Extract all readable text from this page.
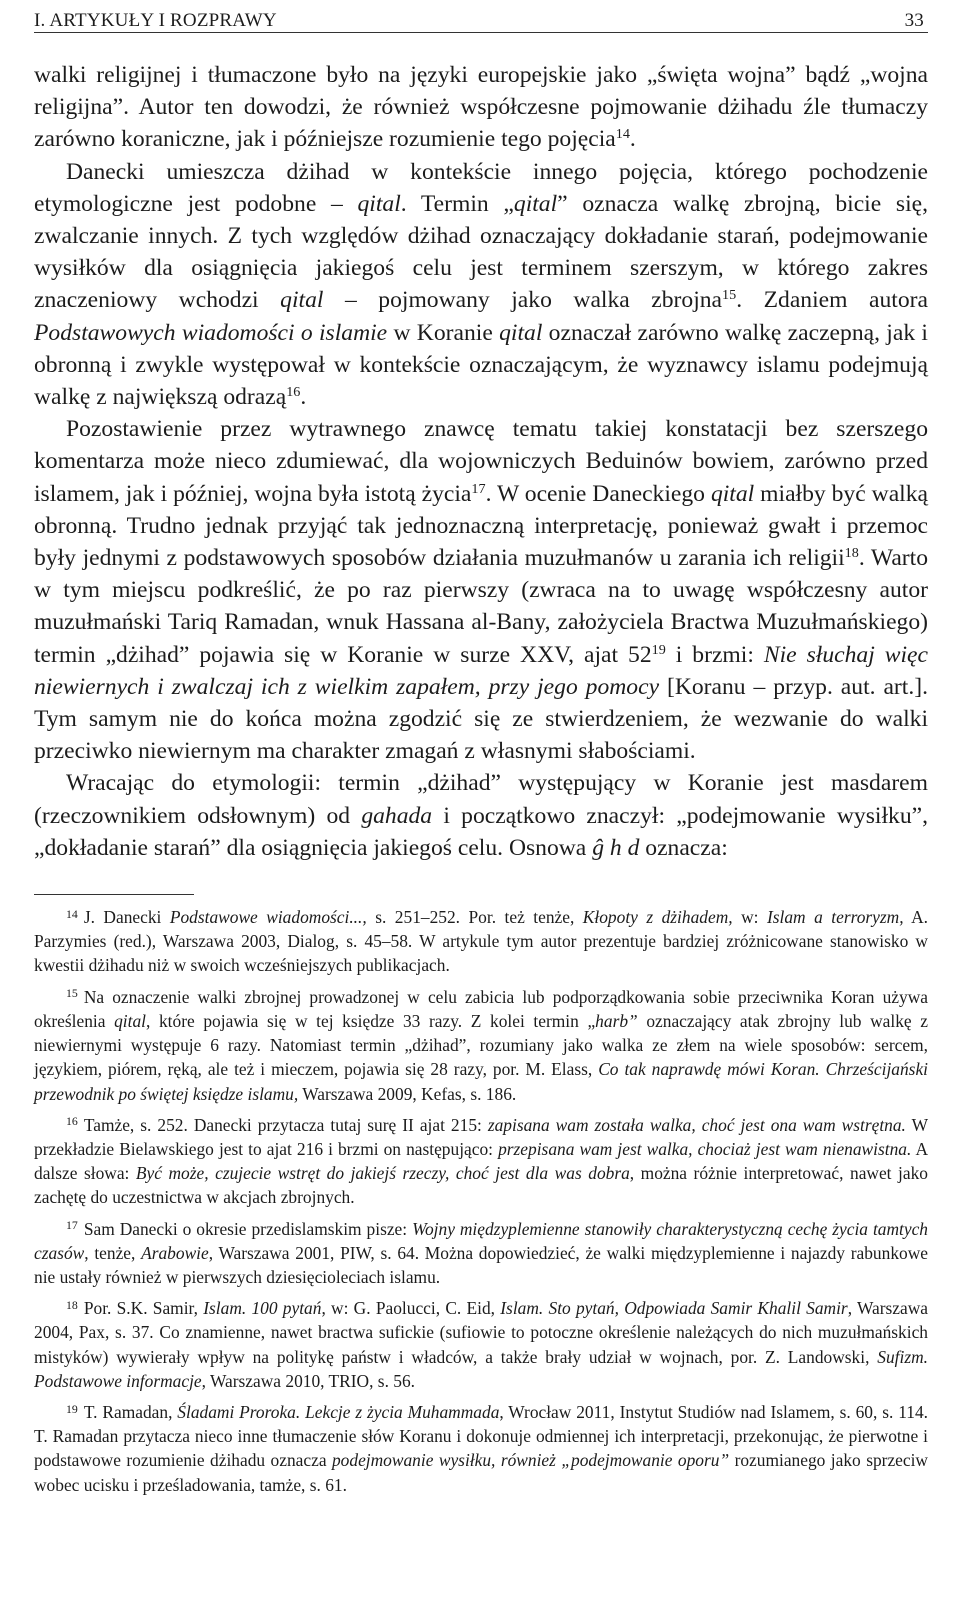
I. ARTYKUŁY I ROZPRAWY	33

walki religijnej i tłumaczone było na języki europejskie jako „święta wojna” bądź „wojna religijna”. Autor ten dowodzi, że również współczesne pojmowanie dżihadu źle tłumaczy zarówno koraniczne, jak i późniejsze rozumienie tego pojęcia$^{14}$.

Danecki umieszcza dżihad w kontekście innego pojęcia, którego pochodzenie etymologiczne jest podobne – qital. Termin „qital” oznacza walkę zbrojną, bicie się, zwalczanie innych. Z tych względów dżihad oznaczający dokładanie starań, podejmowanie wysiłków dla osiągnięcia jakiegoś celu jest terminem szerszym, w którego zakres znaczeniowy wchodzi qital – pojmowany jako walka zbrojna$^{15}$. Zdaniem autora Podstawowych wiadomości o islamie w Koranie qital oznaczał zarówno walkę zaczepną, jak i obronną i zwykle występował w kontekście oznaczającym, że wyznawcy islamu podejmują walkę z największą odrazą$^{16}$.

Pozostawienie przez wytrawnego znawcę tematu takiej konstatacji bez szerszego komentarza może nieco zdumiewać, dla wojowniczych Beduinów bowiem, zarówno przed islamem, jak i później, wojna była istotą życia$^{17}$. W ocenie Daneckiego qital miałby być walką obronną. Trudno jednak przyjąć tak jednoznaczną interpretację, ponieważ gwałt i przemoc były jednymi z podstawowych sposobów działania muzułmanów u zarania ich religii$^{18}$. Warto w tym miejscu podkreślić, że po raz pierwszy (zwraca na to uwagę współczesny autor muzułmański Tariq Ramadan, wnuk Hassana al-Bany, założyciela Bractwa Muzułmańskiego) termin „dżihad” pojawia się w Koranie w surze XXV, ajat $52^{19}$ i brzmi: Nie słuchaj więc niewiernych i zwalczaj ich z wielkim zapałem, przy jego pomocy [Koranu – przyp. aut. art.]. Tym samym nie do końca można zgodzić się ze stwierdzeniem, że wezwanie do walki przeciwko niewiernym ma charakter zmagań z własnymi słabościami.

Wracając do etymologii: termin „dżihad” występujący w Koranie jest masdarem (rzeczownikiem odsłownym) od gahada i początkowo znaczył: „podejmowanie wysiłku”, „dokładanie starań” dla osiągnięcia jakiegoś celu. Osnowa ĝ h d oznacza:

$^{14}$ J. Danecki Podstawowe wiadomości..., s. 251–252. Por. też tenże, Kłopoty z dżihadem, w: Islam a terroryzm, A. Parzymies (red.), Warszawa 2003, Dialog, s. 45–58. W artykule tym autor prezentuje bardziej zróżnicowane stanowisko w kwestii dżihadu niż w swoich wcześniejszych publikacjach.

$^{15}$ Na oznaczenie walki zbrojnej prowadzonej w celu zabicia lub podporządkowania sobie przeciwnika Koran używa określenia qital, które pojawia się w tej księdze 33 razy. Z kolei termin „harb” oznaczający atak zbrojny lub walkę z niewiernymi występuje 6 razy. Natomiast termin „dżihad”, rozumiany jako walka ze złem na wiele sposobów: sercem, językiem, piórem, ręką, ale też i mieczem, pojawia się 28 razy, por. M. Elass, Co tak naprawdę mówi Koran. Chrześcijański przewodnik po świętej księdze islamu, Warszawa 2009, Kefas, s. 186.

$^{16}$ Tamże, s. 252. Danecki przytacza tutaj surę II ajat 215: zapisana wam została walka, choć jest ona wam wstrętna. W przekładzie Bielawskiego jest to ajat 216 i brzmi on następująco: przepisana wam jest walka, chociaż jest wam nienawistna. A dalsze słowa: Być może, czujecie wstręt do jakiejś rzeczy, choć jest dla was dobra, można różnie interpretować, nawet jako zachętę do uczestnictwa w akcjach zbrojnych.

$^{17}$ Sam Danecki o okresie przedislamskim pisze: Wojny międzyplemienne stanowiły charakterystyczną cechę życia tamtych czasów, tenże, Arabowie, Warszawa 2001, PIW, s. 64. Można dopowiedzieć, że walki międzyplemienne i najazdy rabunkowe nie ustały również w pierwszych dziesięcioleciach islamu.

$^{18}$ Por. S.K. Samir, Islam. 100 pytań, w: G. Paolucci, C. Eid, Islam. Sto pytań, Odpowiada Samir Khalil Samir, Warszawa 2004, Pax, s. 37. Co znamienne, nawet bractwa sufickie (sufiowie to potoczne określenie należących do nich muzułmańskich mistyków) wywierały wpływ na politykę państw i władców, a także brały udział w wojnach, por. Z. Landowski, Sufizm. Podstawowe informacje, Warszawa 2010, TRIO, s. 56.

$^{19}$ T. Ramadan, Śladami Proroka. Lekcje z życia Muhammada, Wrocław 2011, Instytut Studiów nad Islamem, s. 60, s. 114. T. Ramadan przytacza nieco inne tłumaczenie słów Koranu i dokonuje odmiennej ich interpretacji, przekonując, że pierwotne i podstawowe rozumienie dżihadu oznacza podejmowanie wysiłku, również „podejmowanie oporu” rozumianego jako sprzeciw wobec ucisku i prześladowania, tamże, s. 61.
